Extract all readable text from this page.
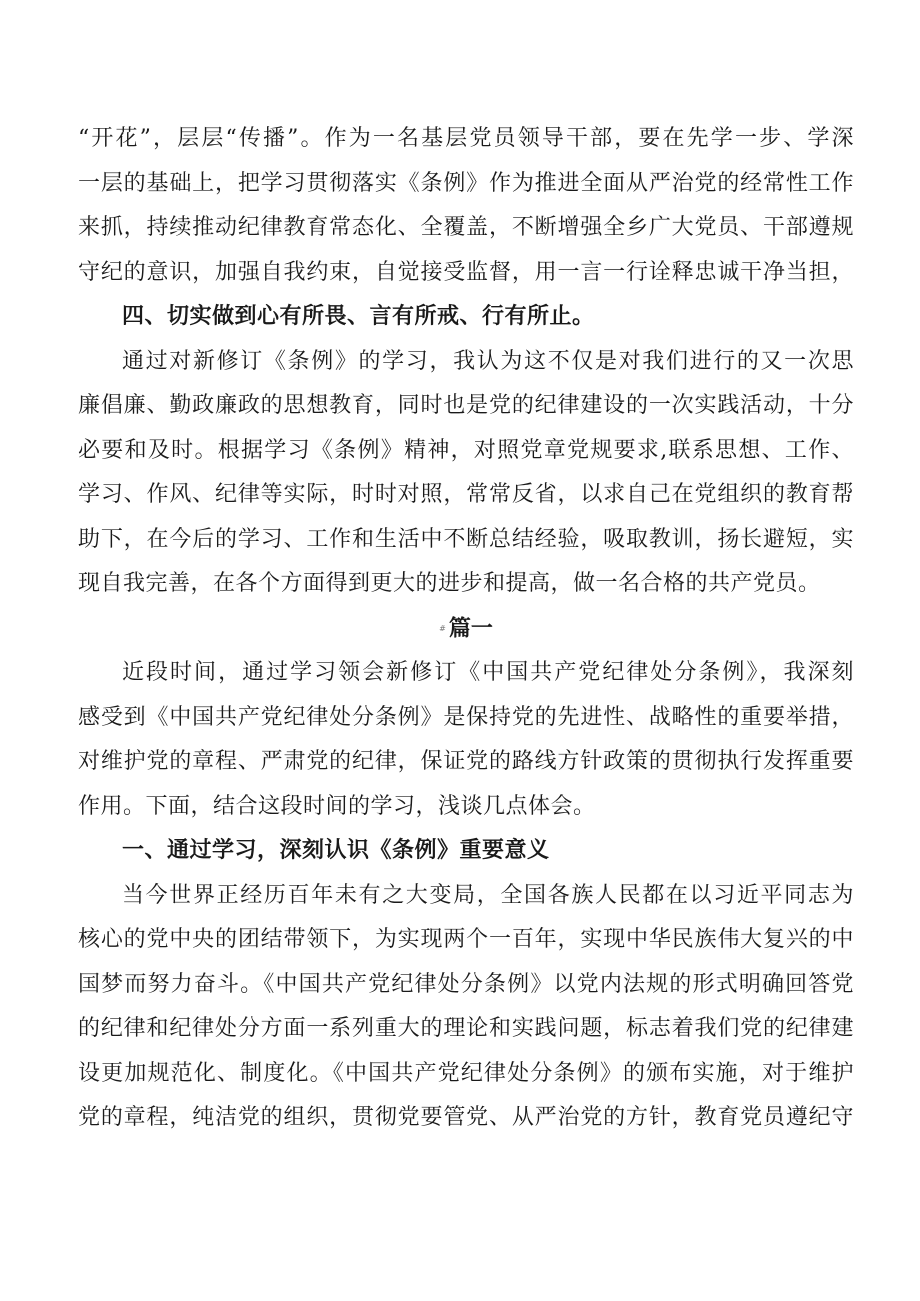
“开花”，层层“传播”。作为一名基层党员领导干部，要在先学一步、学深
一层的基础上，把学习贯彻落实《条例》作为推进全面从严治党的经常性工作
来抓，持续推动纪律教育常态化、全覆盖，不断增强全乡广大党员、干部遵规
守纪的意识，加强自我约束，自觉接受监督，用一言一行诠释忠诚干净当担，
四、切实做到心有所畏、言有所戒、行有所止。
通过对新修订《条例》的学习，我认为这不仅是对我们进行的又一次思
廉倡廉、勤政廉政的思想教育，同时也是党的纪律建设的一次实践活动，十分
必要和及时。根据学习《条例》精神，对照党章党规要求,联系思想、工作、
学习、作风、纪律等实际，时时对照，常常反省，以求自己在党组织的教育帮
助下，在今后的学习、工作和生活中不断总结经验，吸取教训，扬长避短，实
现自我完善，在各个方面得到更大的进步和提高，做一名合格的共产党员。
# 篇一
近段时间，通过学习领会新修订《中国共产党纪律处分条例》，我深刻
感受到《中国共产党纪律处分条例》是保持党的先进性、战略性的重要举措，
对维护党的章程、严肃党的纪律，保证党的路线方针政策的贯彻执行发挥重要
作用。下面，结合这段时间的学习，浅谈几点体会。
一、通过学习，深刻认识《条例》重要意义
当今世界正经历百年未有之大变局，全国各族人民都在以习近平同志为
核心的党中央的团结带领下，为实现两个一百年，实现中华民族伟大复兴的中
国梦而努力奋斗。《中国共产党纪律处分条例》以党内法规的形式明确回答党
的纪律和纪律处分方面一系列重大的理论和实践问题，标志着我们党的纪律建
设更加规范化、制度化。《中国共产党纪律处分条例》的颁布实施，对于维护
党的章程，纯洁党的组织，贯彻党要管党、从严治党的方针，教育党员遵纪守
